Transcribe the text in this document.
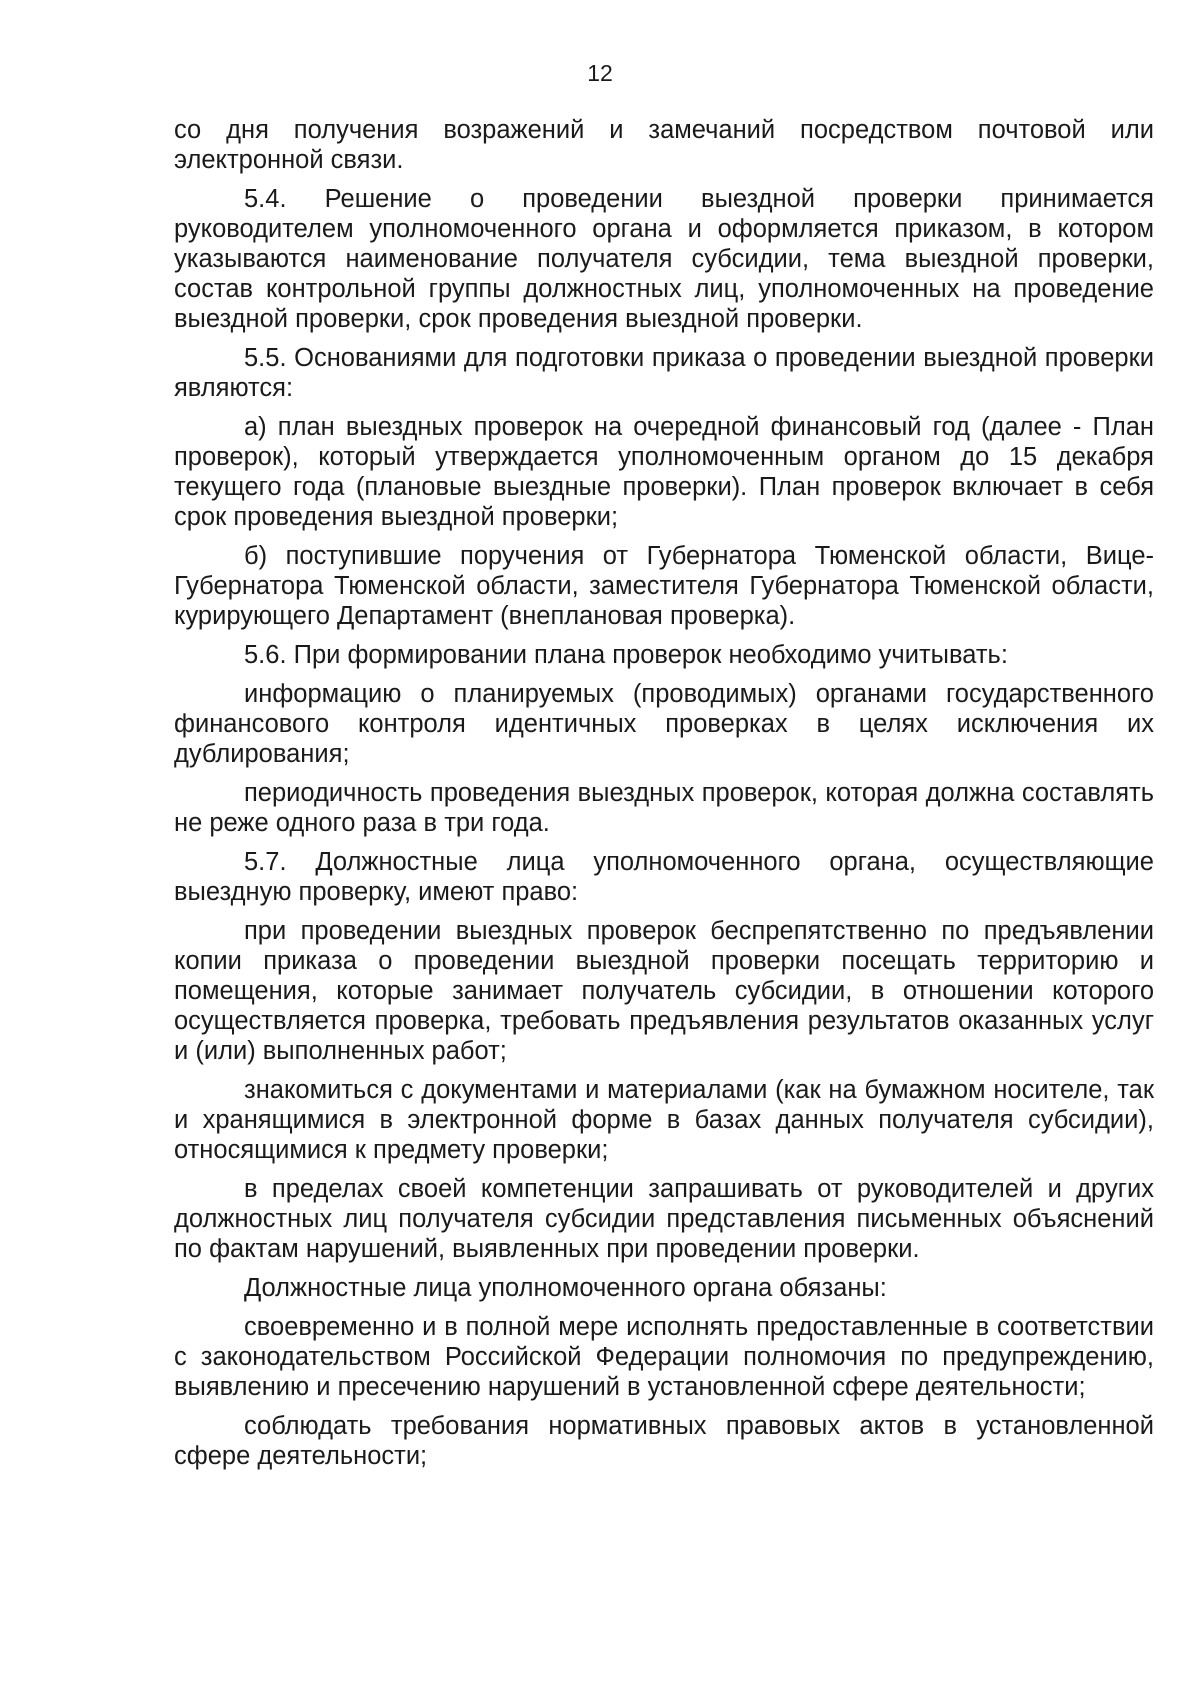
12

со дня получения возражений и замечаний посредством почтовой или электронной связи.

5.4. Решение о проведении выездной проверки принимается руководителем уполномоченного органа и оформляется приказом, в котором указываются наименование получателя субсидии, тема выездной проверки, состав контрольной группы должностных лиц, уполномоченных на проведение выездной проверки, срок проведения выездной проверки.

5.5. Основаниями для подготовки приказа о проведении выездной проверки являются:

а) план выездных проверок на очередной финансовый год (далее - План проверок), который утверждается уполномоченным органом до 15 декабря текущего года (плановые выездные проверки). План проверок включает в себя срок проведения выездной проверки;

б) поступившие поручения от Губернатора Тюменской области, Вице-Губернатора Тюменской области, заместителя Губернатора Тюменской области, курирующего Департамент (внеплановая проверка).

5.6. При формировании плана проверок необходимо учитывать:

информацию о планируемых (проводимых) органами государственного финансового контроля идентичных проверках в целях исключения их дублирования;

периодичность проведения выездных проверок, которая должна составлять не реже одного раза в три года.

5.7. Должностные лица уполномоченного органа, осуществляющие выездную проверку, имеют право:

при проведении выездных проверок беспрепятственно по предъявлении копии приказа о проведении выездной проверки посещать территорию и помещения, которые занимает получатель субсидии, в отношении которого осуществляется проверка, требовать предъявления результатов оказанных услуг и (или) выполненных работ;

знакомиться с документами и материалами (как на бумажном носителе, так и хранящимися в электронной форме в базах данных получателя субсидии), относящимися к предмету проверки;

в пределах своей компетенции запрашивать от руководителей и других должностных лиц получателя субсидии представления письменных объяснений по фактам нарушений, выявленных при проведении проверки.

Должностные лица уполномоченного органа обязаны:

своевременно и в полной мере исполнять предоставленные в соответствии с законодательством Российской Федерации полномочия по предупреждению, выявлению и пресечению нарушений в установленной сфере деятельности;

соблюдать требования нормативных правовых актов в установленной сфере деятельности;
